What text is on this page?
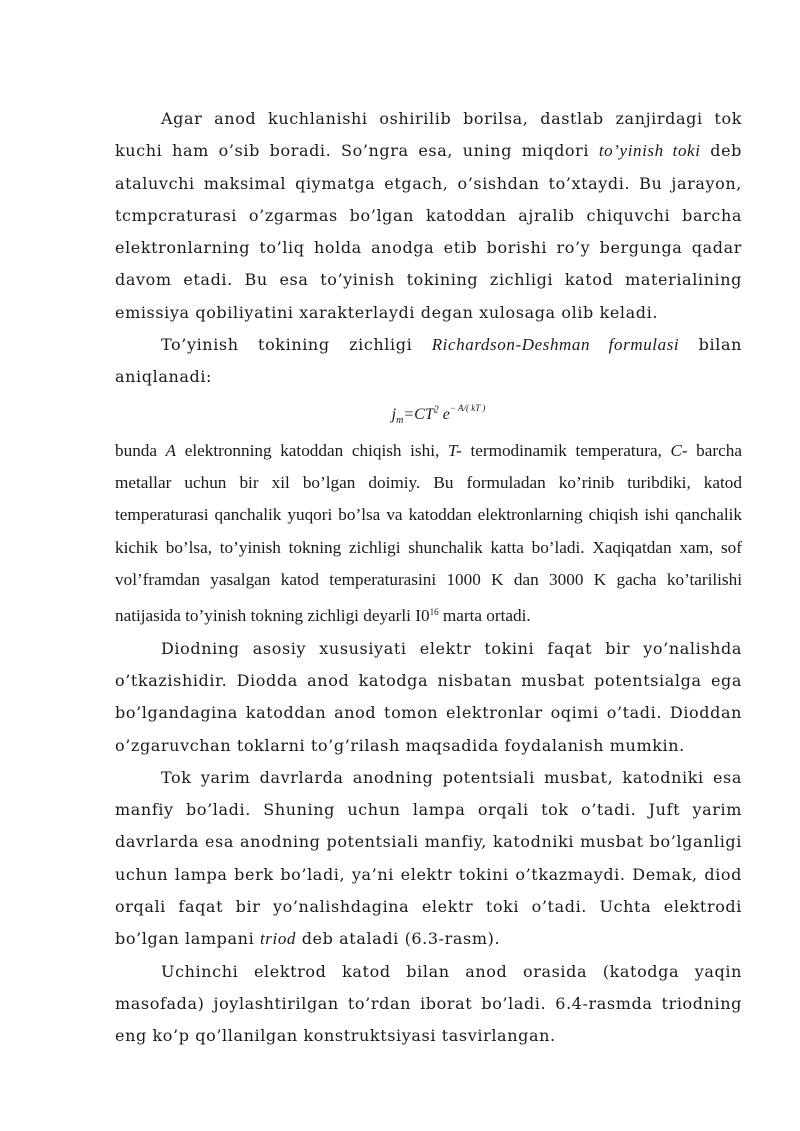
Agar anod kuchlanishi oshirilib borilsa, dastlab zanjirdagi tok kuchi ham o’sib boradi. So’ngra esa, uning miqdori to’yinish toki deb ataluvchi maksimal qiymatga etgach, o’sishdan to’xtaydi. Bu jarayon, tcmpcraturasi o’zgarmas bo’lgan katoddan ajralib chiquvchi barcha elektronlarning to’liq holda anodga etib borishi ro’y bergunga qadar davom etadi. Bu esa to’yinish tokining zichligi katod materialining emissiya qobiliyatini xarakterlaydi degan xulosaga olib keladi.

To’yinish tokining zichligi Richardson-Deshman formulasi bilan aniqlanadi:

$j_m=CT^2$ $e^{- A/( kT )}$

bunda A elektronning katoddan chiqish ishi, T- termodinamik temperatura, C- barcha metallar uchun bir xil bo’lgan doimiy. Bu formuladan ko’rinib turibdiki, katod temperaturasi qanchalik yuqori bo’lsa va katoddan elektronlarning chiqish ishi qanchalik kichik bo’lsa, to’yinish tokning zichligi shunchalik katta bo’ladi. Xaqiqatdan xam, sof vol’framdan yasalgan katod temperaturasini 1000 K dan 3000 K gacha ko’tarilishi natijasida to’yinish tokning zichligi deyarli $I0^{16}$ marta ortadi.

Diodning asosiy xususiyati elektr tokini faqat bir yo’nalishda o’tkazishidir. Diodda anod katodga nisbatan musbat potentsialga ega bo’lgandagina katoddan anod tomon elektronlar oqimi o’tadi. Dioddan o’zgaruvchan toklarni to’g’rilash maqsadida foydalanish mumkin.

Tok yarim davrlarda anodning potentsiali musbat, katodniki esa manfiy bo’ladi. Shuning uchun lampa orqali tok o’tadi. Juft yarim davrlarda esa anodning potentsiali manfiy, katodniki musbat bo’lganligi uchun lampa berk bo’ladi, ya’ni elektr tokini o’tkazmaydi. Demak, diod orqali faqat bir yo’nalishdagina elektr toki o’tadi. Uchta elektrodi bo’lgan lampani triod deb ataladi (6.3-rasm).

Uchinchi elektrod katod bilan anod orasida (katodga yaqin masofada) joylashtirilgan to’rdan iborat bo’ladi. 6.4-rasmda triodning eng ko’p qo’llanilgan konstruktsiyasi tasvirlangan.
